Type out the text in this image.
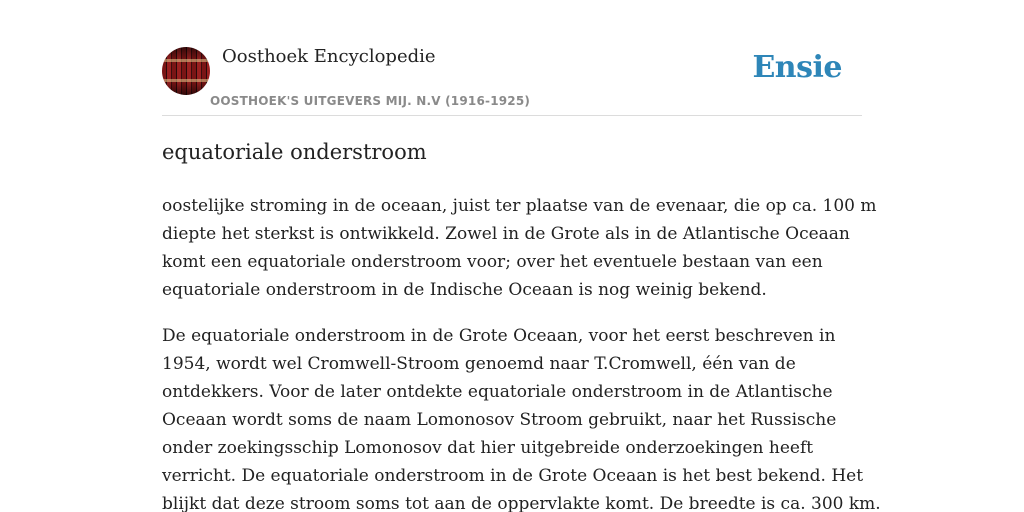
Oosthoek Encyclopedie
OOSTHOEK'S UITGEVERS MIJ. N.V (1916-1925)
Ensie
equatoriale onderstroom

oostelijke stroming in de oceaan, juist ter plaatse van de evenaar, die op ca. 100 m
diepte het sterkst is ontwikkeld. Zowel in de Grote als in de Atlantische Oceaan
komt een equatoriale onderstroom voor; over het eventuele bestaan van een
equatoriale onderstroom in de Indische Oceaan is nog weinig bekend.

De equatoriale onderstroom in de Grote Oceaan, voor het eerst beschreven in
1954, wordt wel Cromwell-Stroom genoemd naar T.Cromwell, één van de
ontdekkers. Voor de later ontdekte equatoriale onderstroom in de Atlantische
Oceaan wordt soms de naam Lomonosov Stroom gebruikt, naar het Russische
onder zoekingsschip Lomonosov dat hier uitgebreide onderzoekingen heeft
verricht. De equatoriale onderstroom in de Grote Oceaan is het best bekend. Het
blijkt dat deze stroom soms tot aan de oppervlakte komt. De breedte is ca. 300 km.
